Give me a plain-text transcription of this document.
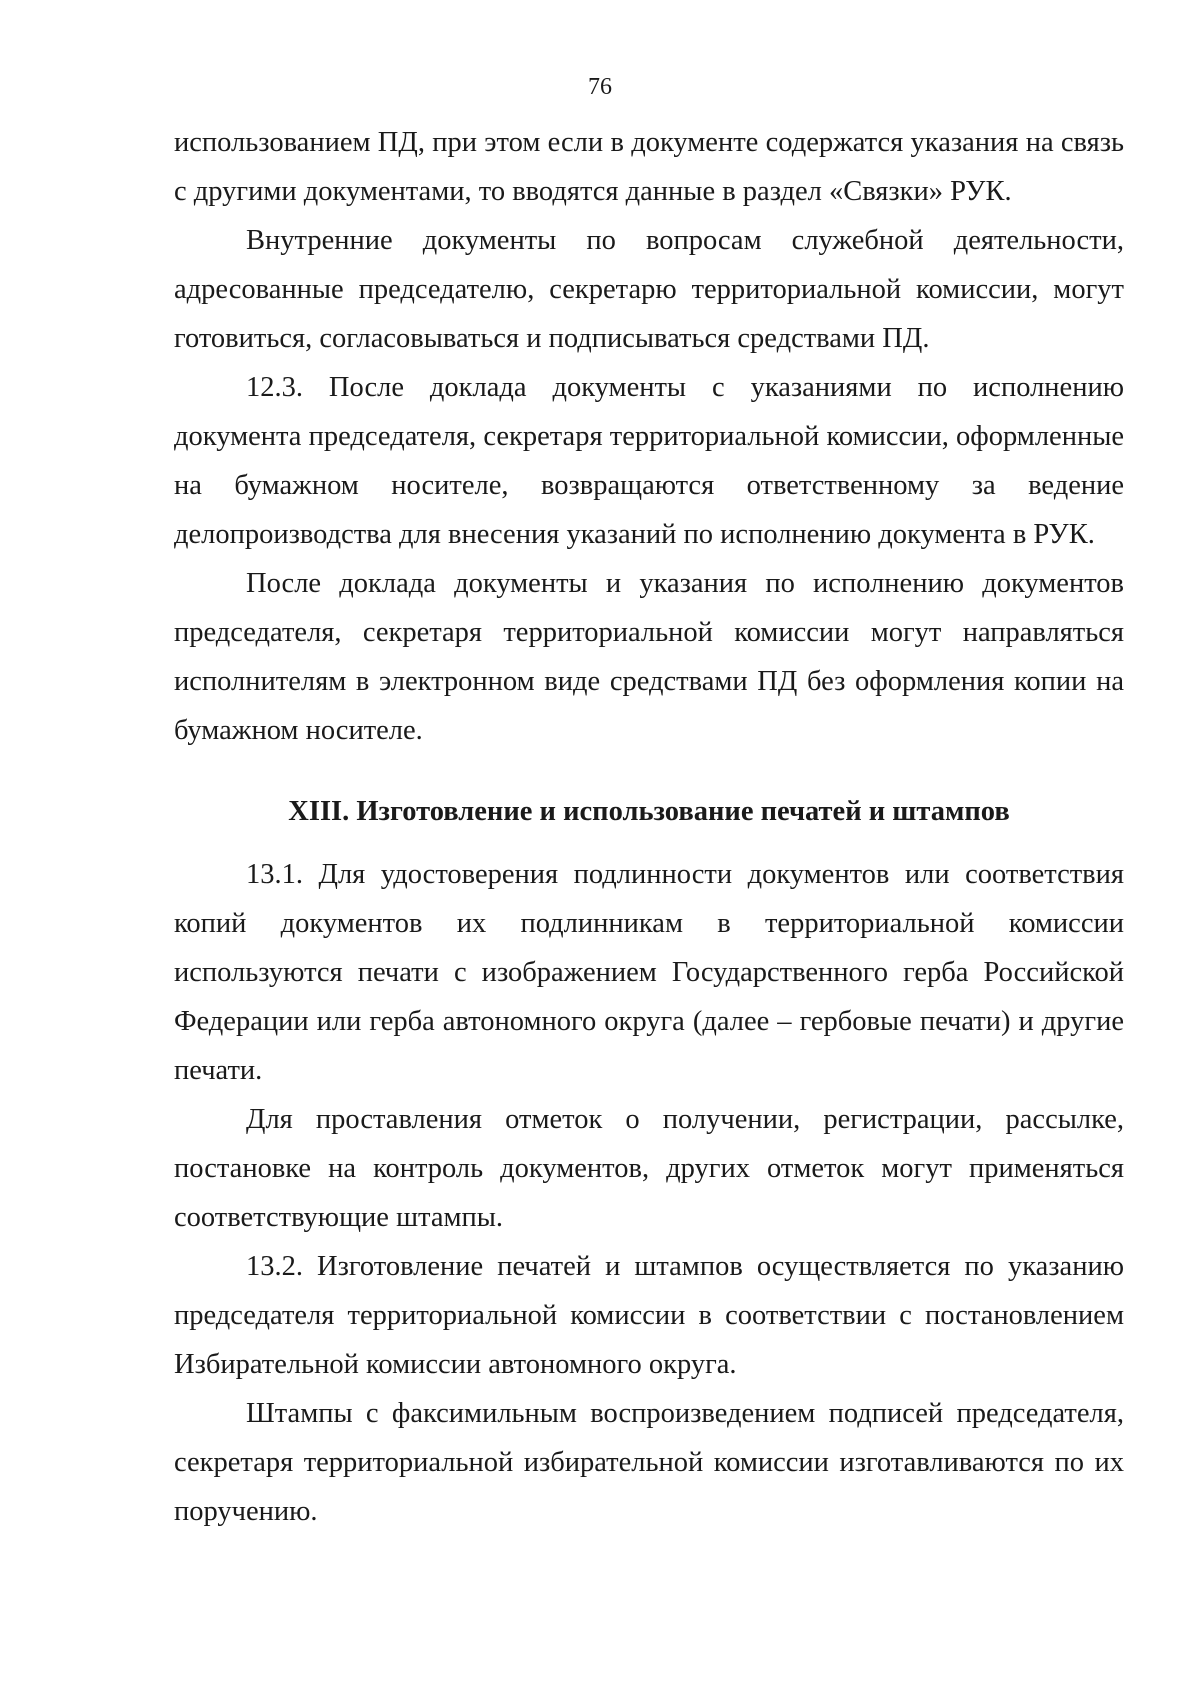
76

использованием ПД, при этом если в документе содержатся указания на связь с другими документами, то вводятся данные в раздел «Связки» РУК.

Внутренние документы по вопросам служебной деятельности, адресованные председателю, секретарю территориальной комиссии, могут готовиться, согласовываться и подписываться средствами ПД.

12.3. После доклада документы с указаниями по исполнению документа председателя, секретаря территориальной комиссии, оформленные на бумажном носителе, возвращаются ответственному за ведение делопроизводства для внесения указаний по исполнению документа в РУК.

После доклада документы и указания по исполнению документов председателя, секретаря территориальной комиссии могут направляться исполнителям в электронном виде средствами ПД без оформления копии на бумажном носителе.

XIII. Изготовление и использование печатей и штампов

13.1. Для удостоверения подлинности документов или соответствия копий документов их подлинникам в территориальной комиссии используются печати с изображением Государственного герба Российской Федерации или герба автономного округа (далее – гербовые печати) и другие печати.

Для проставления отметок о получении, регистрации, рассылке, постановке на контроль документов, других отметок могут применяться соответствующие штампы.

13.2. Изготовление печатей и штампов осуществляется по указанию председателя территориальной комиссии в соответствии с постановлением Избирательной комиссии автономного округа.

Штампы с факсимильным воспроизведением подписей председателя, секретаря территориальной избирательной комиссии изготавливаются по их поручению.
